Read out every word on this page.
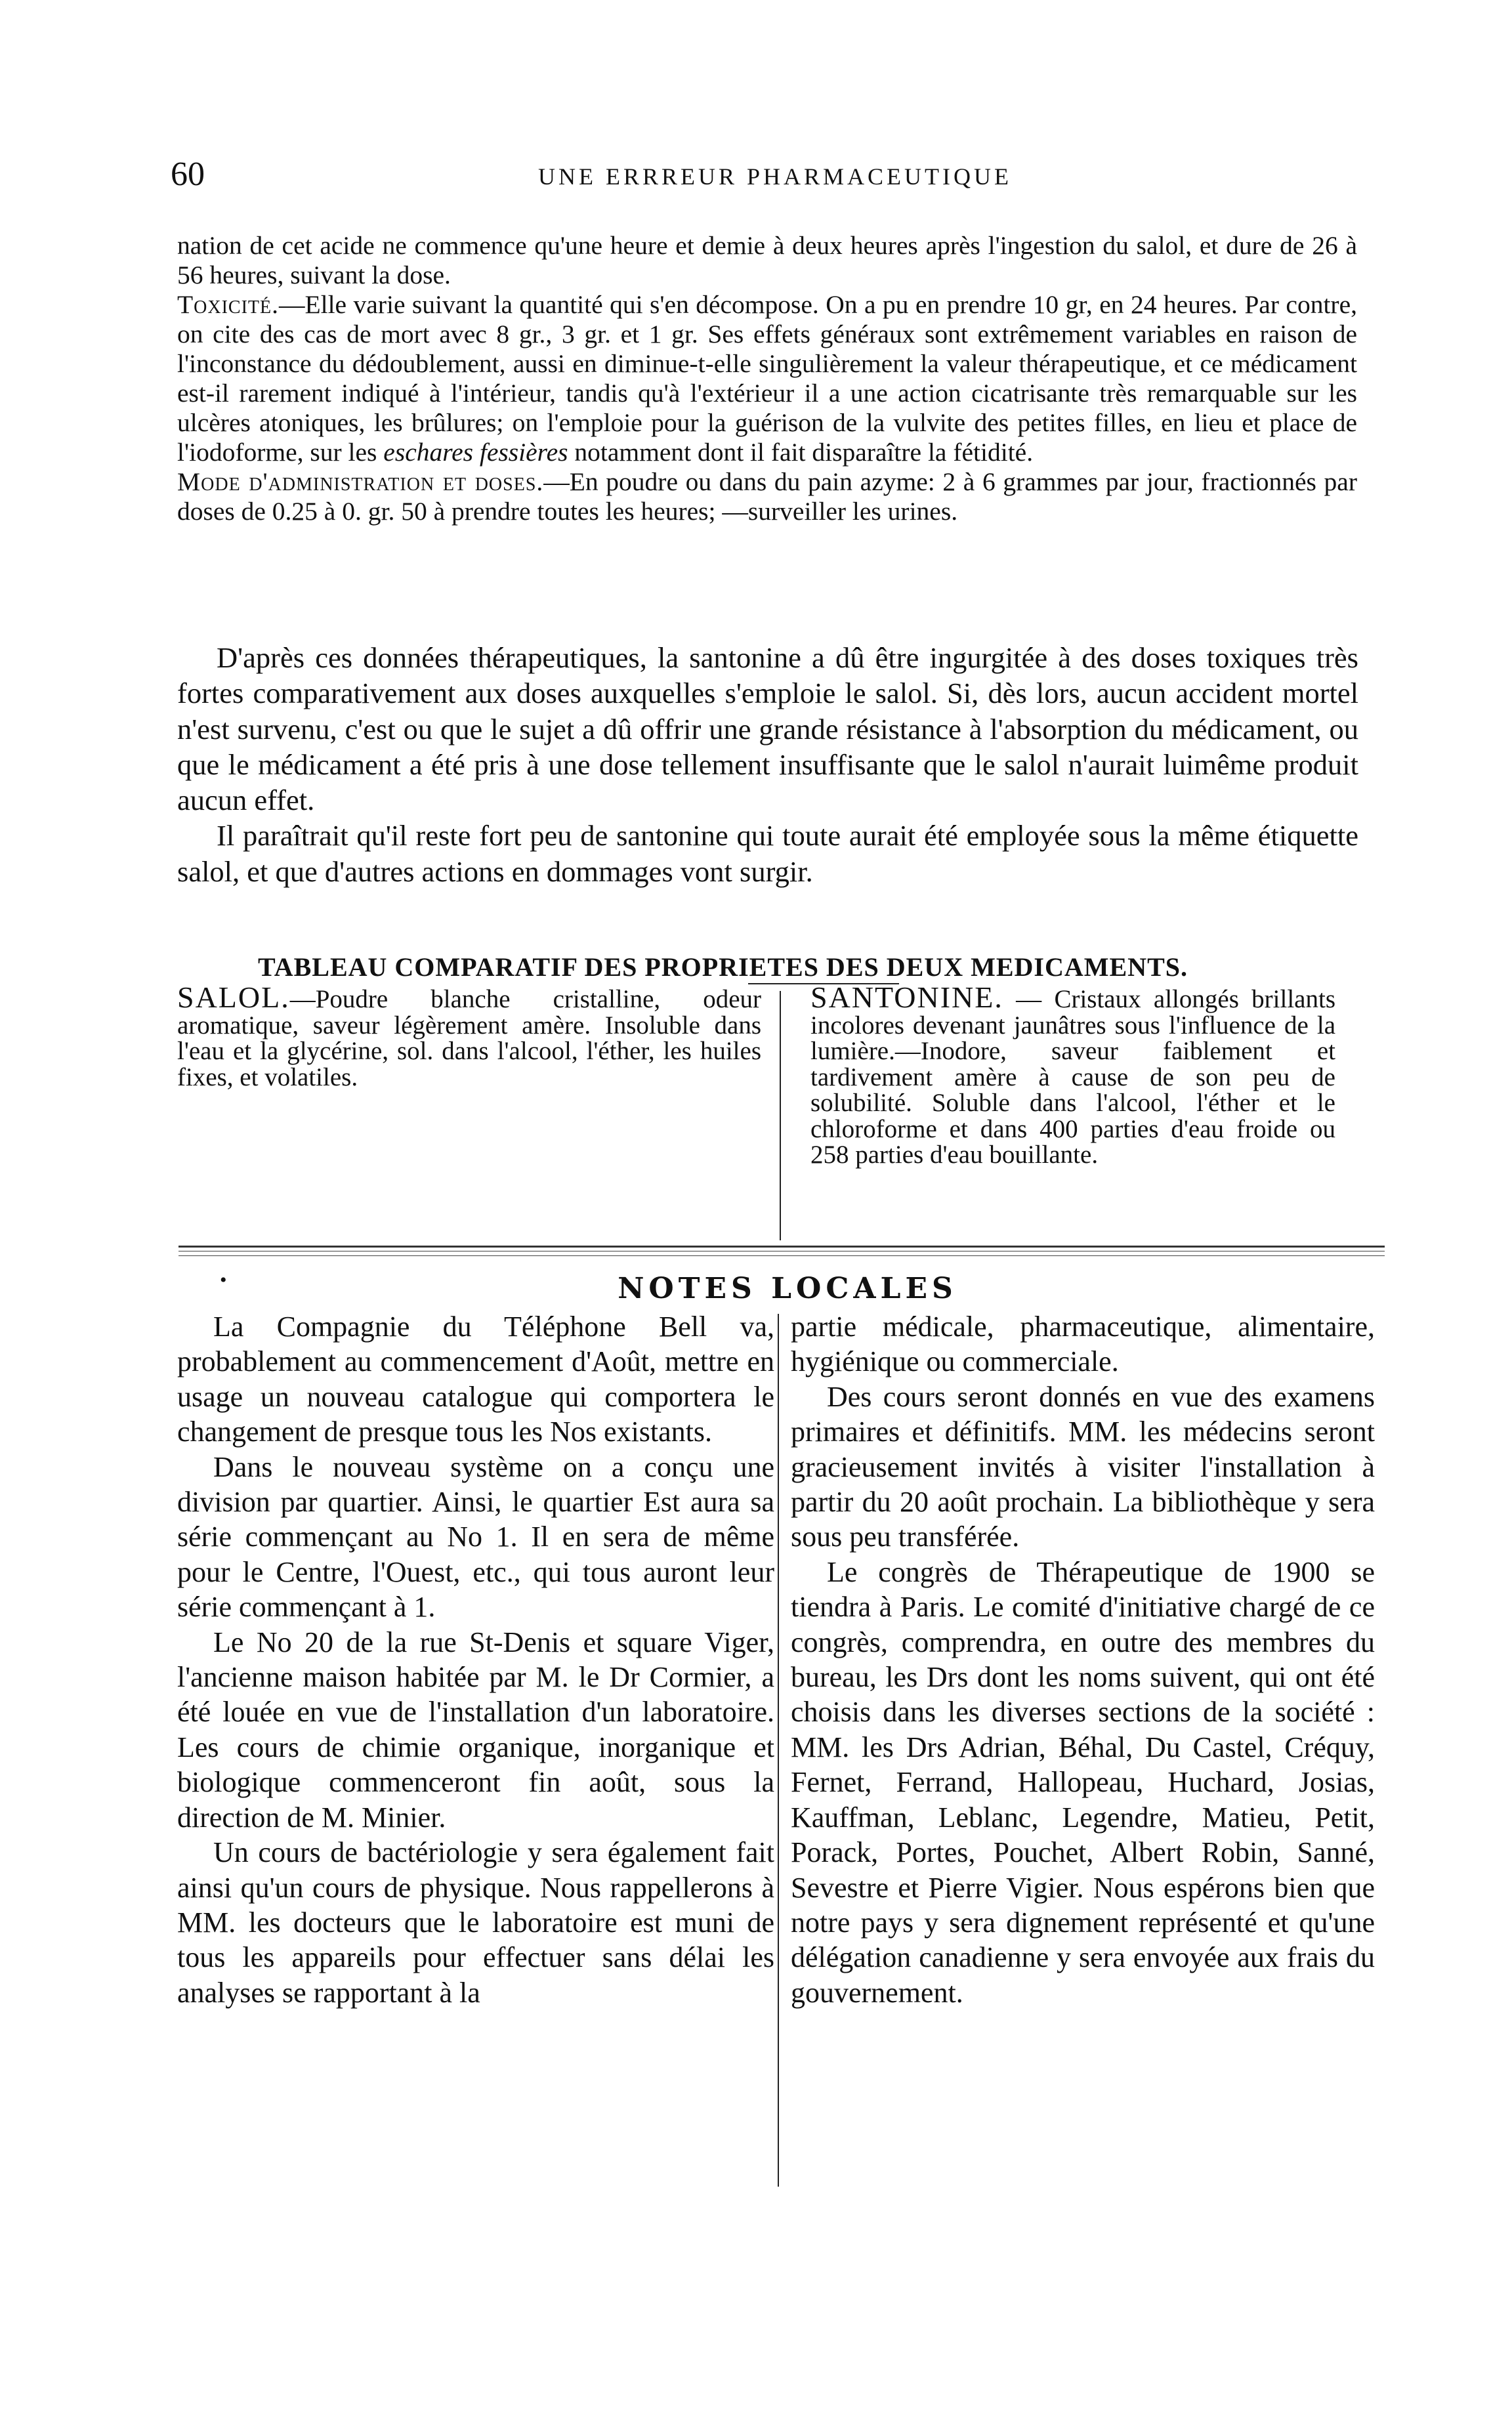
60	UNE ERRREUR PHARMACEUTIQUE

nation de cet acide ne commence qu'une heure et demie à deux heures après l'ingestion du salol, et dure de 26 à 56 heures, suivant la dose.

Toxicité.—Elle varie suivant la quantité qui s'en décompose. On a pu en prendre 10 gr, en 24 heures. Par contre, on cite des cas de mort avec 8 gr., 3 gr. et 1 gr. Ses effets généraux sont extrêmement variables en raison de l'inconstance du dédoublement, aussi en diminue-t-elle singulièrement la valeur thérapeutique, et ce médicament est-il rarement indiqué à l'intérieur, tandis qu'à l'extérieur il a une action cicatrisante très remarquable sur les ulcères atoniques, les brûlures; on l'emploie pour la guérison de la vulvite des petites filles, en lieu et place de l'iodoforme, sur les eschares fessières notamment dont il fait disparaître la fétidité.

Mode d'administration et doses.—En poudre ou dans du pain azyme: 2 à 6 grammes par jour, fractionnés par doses de 0.25 à 0. gr. 50 à prendre toutes les heures; —surveiller les urines.

D'après ces données thérapeutiques, la santonine a dû être ingurgitée à des doses toxiques très fortes comparativement aux doses auxquelles s'emploie le salol. Si, dès lors, aucun accident mortel n'est survenu, c'est ou que le sujet a dû offrir une grande résistance à l'absorption du médicament, ou que le médicament a été pris à une dose tellement insuffisante que le salol n'aurait luimême produit aucun effet.

Il paraîtrait qu'il reste fort peu de santonine qui toute aurait été employée sous la même étiquette salol, et que d'autres actions en dommages vont surgir.

TABLEAU COMPARATIF DES PROPRIETES DES DEUX MEDICAMENTS.
SALOL.—Poudre blanche cristalline, odeur aromatique, saveur légèrement amère. Insoluble dans l'eau et la glycérine, sol. dans l'alcool, l'éther, les huiles fixes, et volatiles.
SANTONINE. — Cristaux allongés brillants incolores devenant jaunâtres sous l'influence de la lumière.—Inodore, saveur faiblement et tardivement amère à cause de son peu de solubilité. Soluble dans l'alcool, l'éther et le chloroforme et dans 400 parties d'eau froide ou 258 parties d'eau bouillante.
•	NOTES LOCALES

La Compagnie du Téléphone Bell va, probablement au commencement d'Août, mettre en usage un nouveau catalogue qui comportera le changement de presque tous les Nos existants.

Dans le nouveau système on a conçu une division par quartier. Ainsi, le quartier Est aura sa série commençant au No 1. Il en sera de même pour le Centre, l'Ouest, etc., qui tous auront leur série commençant à 1.

Le No 20 de la rue St-Denis et square Viger, l'ancienne maison habitée par M. le Dr Cormier, a été louée en vue de l'installation d'un laboratoire. Les cours de chimie organique, inorganique et biologique commenceront fin août, sous la direction de M. Minier.

Un cours de bactériologie y sera également fait ainsi qu'un cours de physique. Nous rappellerons à MM. les docteurs que le laboratoire est muni de tous les appareils pour effectuer sans délai les analyses se rapportant à la

partie médicale, pharmaceutique, alimentaire, hygiénique ou commerciale.

Des cours seront donnés en vue des examens primaires et définitifs. MM. les médecins seront gracieusement invités à visiter l'installation à partir du 20 août prochain. La bibliothèque y sera sous peu transférée.

Le congrès de Thérapeutique de 1900 se tiendra à Paris. Le comité d'initiative chargé de ce congrès, comprendra, en outre des membres du bureau, les Drs dont les noms suivent, qui ont été choisis dans les diverses sections de la société : MM. les Drs Adrian, Béhal, Du Castel, Créquy, Fernet, Ferrand, Hallopeau, Huchard, Josias, Kauffman, Leblanc, Legendre, Matieu, Petit, Porack, Portes, Pouchet, Albert Robin, Sanné, Sevestre et Pierre Vigier. Nous espérons bien que notre pays y sera dignement représenté et qu'une délégation canadienne y sera envoyée aux frais du gouvernement.
